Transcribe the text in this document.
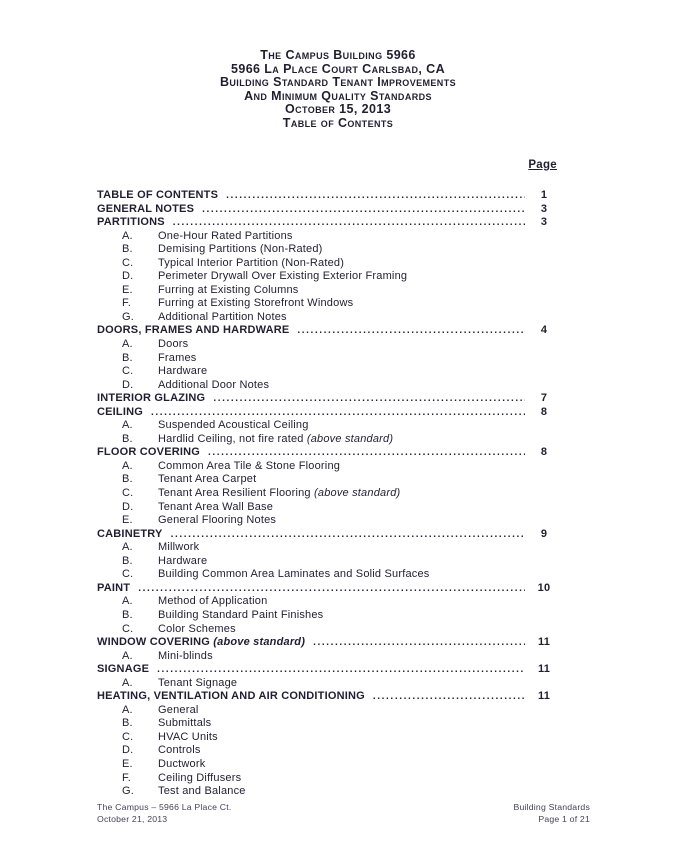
The Campus Building 5966
5966 La Place Court Carlsbad, CA
Building Standard Tenant Improvements
And Minimum Quality Standards
October 15, 2013
Table of Contents
Page
TABLE OF CONTENTS .....	1
GENERAL NOTES .....	3
PARTITIONS .....	3
A.	One-Hour Rated Partitions
B.	Demising Partitions (Non-Rated)
C.	Typical Interior Partition (Non-Rated)
D.	Perimeter Drywall Over Existing Exterior Framing
E.	Furring at Existing Columns
F.	Furring at Existing Storefront Windows
G.	Additional Partition Notes
DOORS, FRAMES AND HARDWARE .....	4
A.	Doors
B.	Frames
C.	Hardware
D.	Additional Door Notes
INTERIOR GLAZING .....	7
CEILING .....	8
A.	Suspended Acoustical Ceiling
B.	Hardlid Ceiling, not fire rated (above standard)
FLOOR COVERING .....	8
A.	Common Area Tile & Stone Flooring
B.	Tenant Area Carpet
C.	Tenant Area Resilient Flooring (above standard)
D.	Tenant Area Wall Base
E.	General Flooring Notes
CABINETRY .....	9
A.	Millwork
B.	Hardware
C.	Building Common Area Laminates and Solid Surfaces
PAINT .....	10
A.	Method of Application
B.	Building Standard Paint Finishes
C.	Color Schemes
WINDOW COVERING (above standard) .....	11
A.	Mini-blinds
SIGNAGE .....	11
A.	Tenant Signage
HEATING, VENTILATION AND AIR CONDITIONING .....	11
A.	General
B.	Submittals
C.	HVAC Units
D.	Controls
E.	Ductwork
F.	Ceiling Diffusers
G.	Test and Balance
The Campus – 5966 La Place Ct.
October 21, 2013
Building Standards
Page 1 of 21
